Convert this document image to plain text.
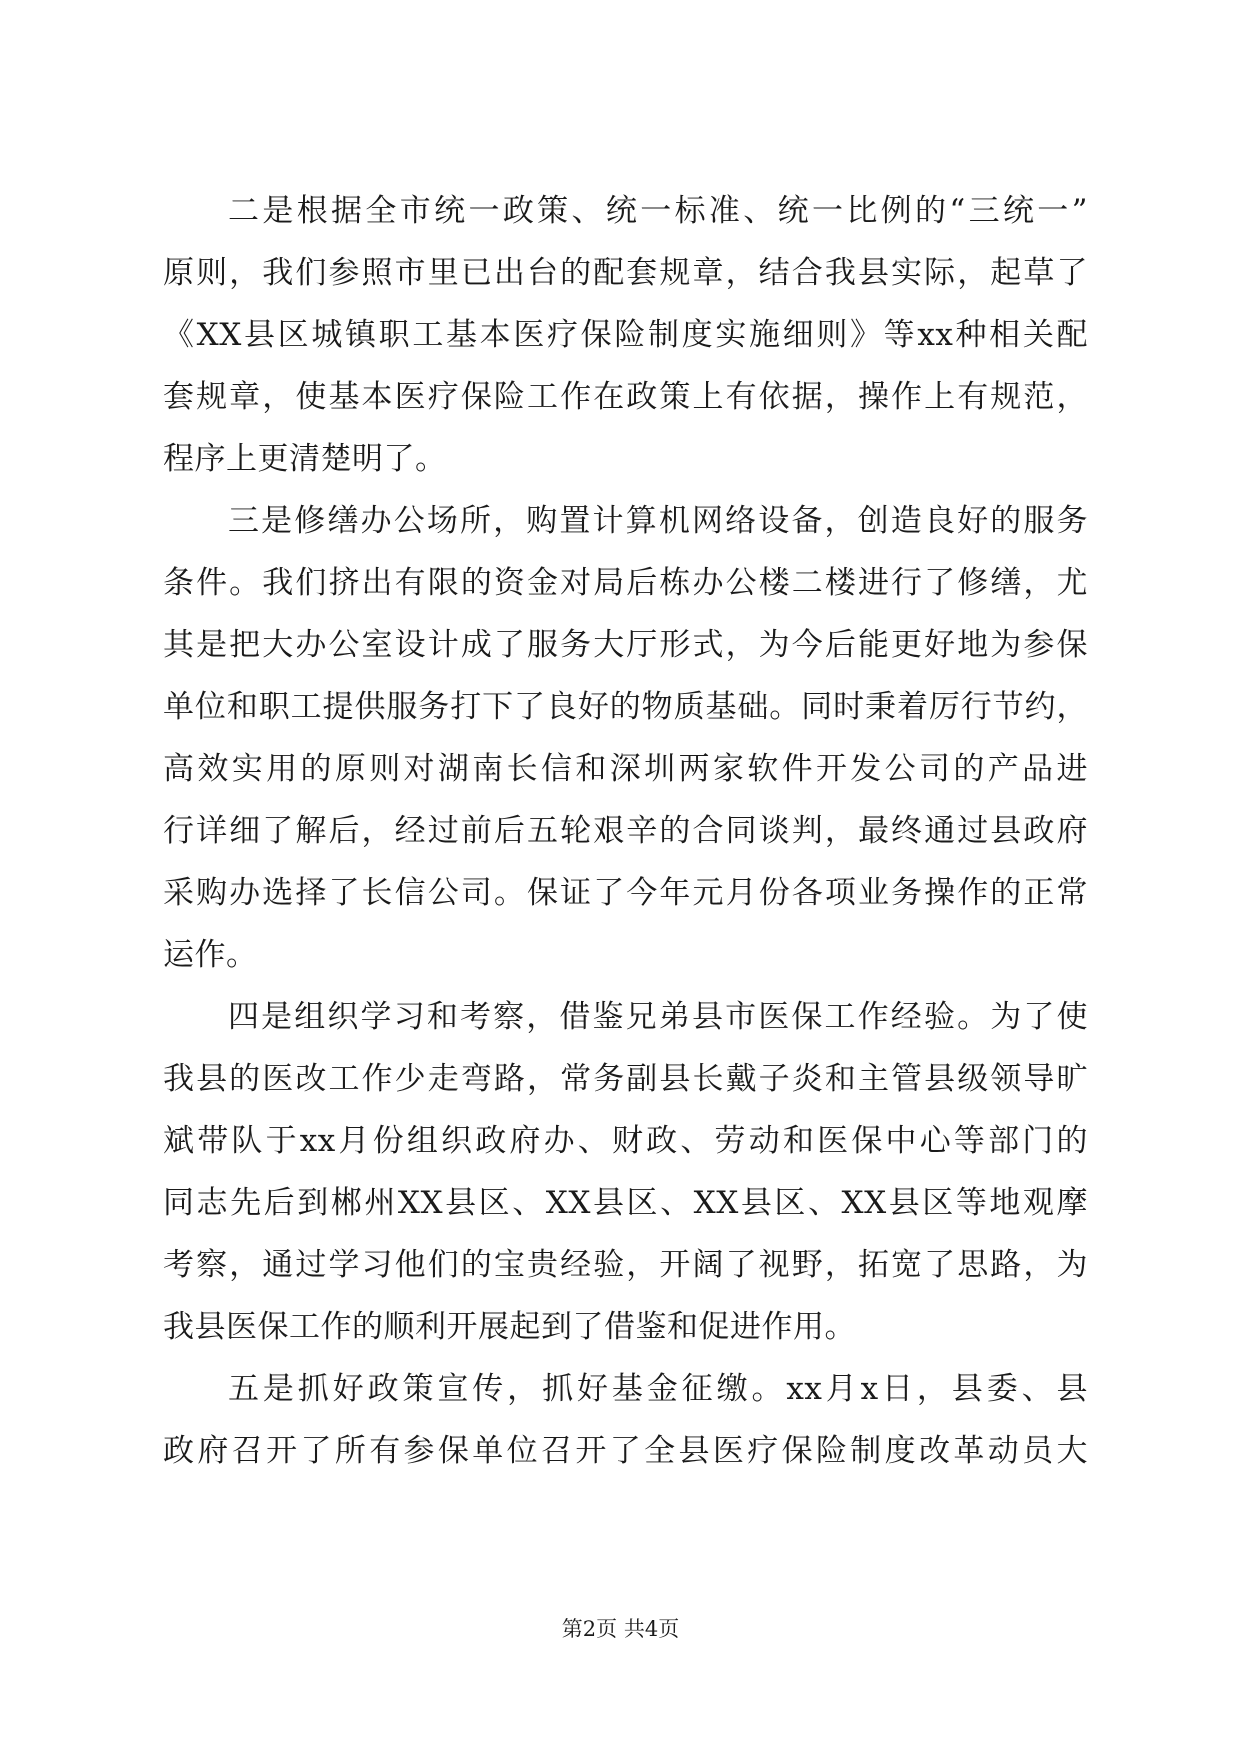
二是根据全市统一政策、统一标准、统一比例的“三统一”
原则，我们参照市里已出台的配套规章，结合我县实际，起草了
《XX县区城镇职工基本医疗保险制度实施细则》等xx种相关配
套规章，使基本医疗保险工作在政策上有依据，操作上有规范，
程序上更清楚明了。

三是修缮办公场所，购置计算机网络设备，创造良好的服务
条件。我们挤出有限的资金对局后栋办公楼二楼进行了修缮，尤
其是把大办公室设计成了服务大厅形式，为今后能更好地为参保
单位和职工提供服务打下了良好的物质基础。同时秉着厉行节约，
高效实用的原则对湖南长信和深圳两家软件开发公司的产品进
行详细了解后，经过前后五轮艰辛的合同谈判，最终通过县政府
采购办选择了长信公司。保证了今年元月份各项业务操作的正常
运作。

四是组织学习和考察，借鉴兄弟县市医保工作经验。为了使
我县的医改工作少走弯路，常务副县长戴子炎和主管县级领导旷
斌带队于xx月份组织政府办、财政、劳动和医保中心等部门的
同志先后到郴州XX县区、XX县区、XX县区、XX县区等地观摩
考察，通过学习他们的宝贵经验，开阔了视野，拓宽了思路，为
我县医保工作的顺利开展起到了借鉴和促进作用。

五是抓好政策宣传，抓好基金征缴。xx月x日，县委、县
政府召开了所有参保单位召开了全县医疗保险制度改革动员大

第2页 共4页
